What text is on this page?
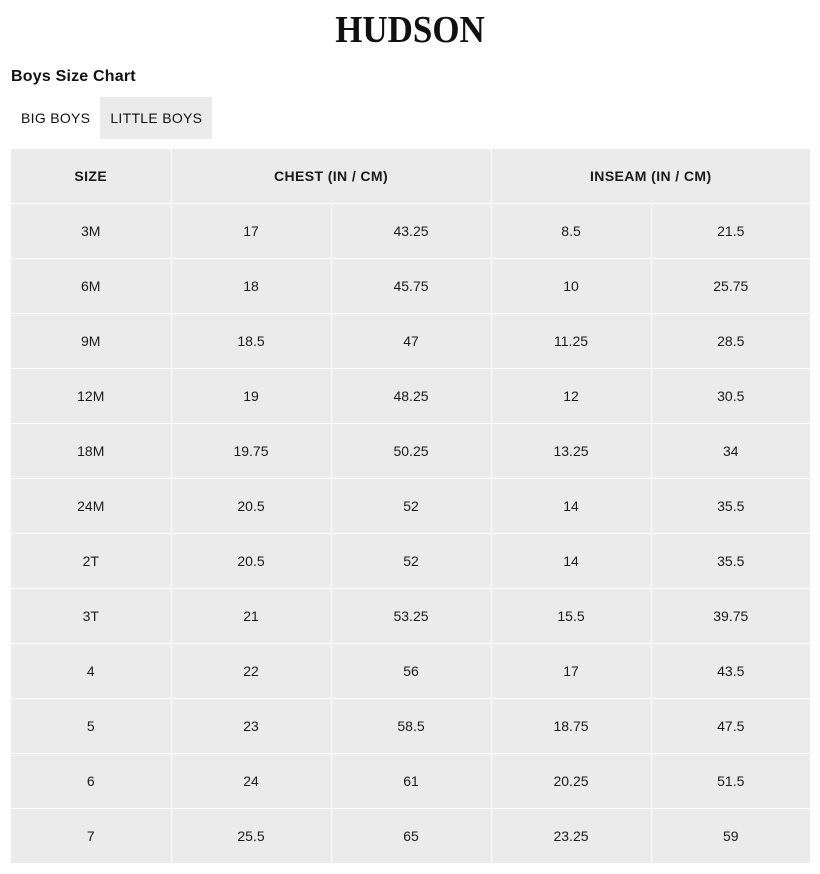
HUDSON
Boys Size Chart
BIG BOYS	LITTLE BOYS
SIZE	CHEST (IN / CM)		INSEAM (IN / CM)	
3M	17	43.25	8.5	21.5
6M	18	45.75	10	25.75
9M	18.5	47	11.25	28.5
12M	19	48.25	12	30.5
18M	19.75	50.25	13.25	34
24M	20.5	52	14	35.5
2T	20.5	52	14	35.5
3T	21	53.25	15.5	39.75
4	22	56	17	43.5
5	23	58.5	18.75	47.5
6	24	61	20.25	51.5
7	25.5	65	23.25	59
